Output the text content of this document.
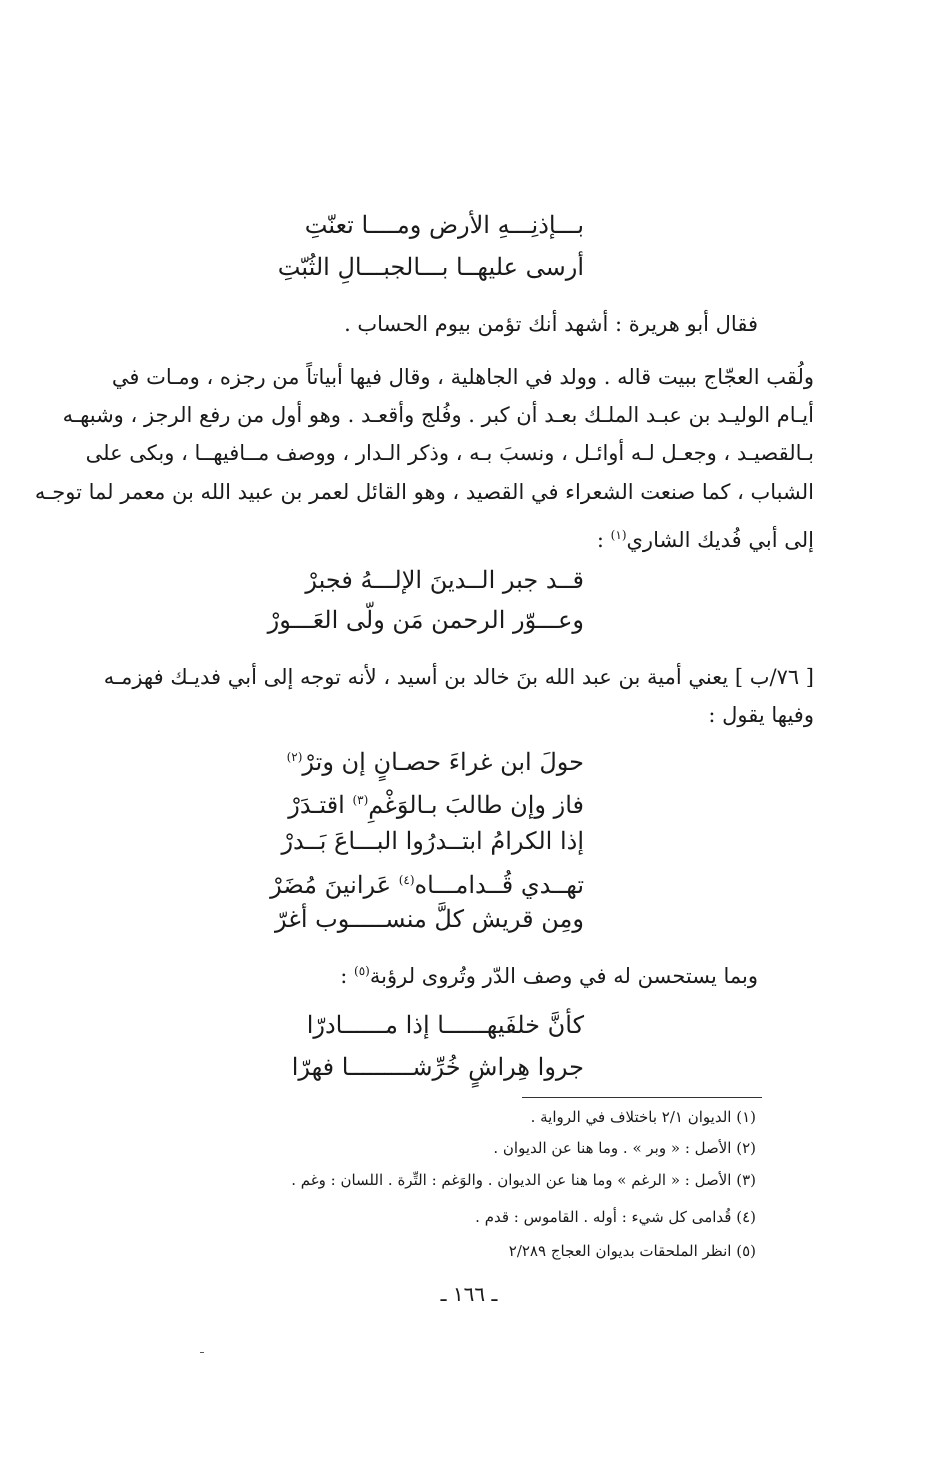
بـــإذنِـــهِ الأرض ومــــا تعنّتِ
أرسى عليهــا بـــالجبـــالِ الثُبّتِ
فقال أبو هريرة : أشهد أنك تؤمن بيوم الحساب .
ولُقب العجّاج ببيت قاله . وولد في الجاهلية ، وقال فيها أبياتاً من رجزه ، ومـات في
أيـام الوليـد بن عبـد الملـك بعـد أن كبر . وفُلج وأقعـد . وهو أول من رفع الرجز ، وشبهـه
بـالقصيـد ، وجعـل لـه أوائـل ، ونسبَ بـه ، وذكر الـدار ، ووصف مــافيهــا ، وبكى على
الشباب ، كما صنعت الشعراء في القصيد ، وهو القائل لعمر بن عبيد الله بن معمر لما توجـه
إلى أبي فُديك الشاري$^{(١)}$ :
قــد جبر الــدينَ الإلـــهُ فجبرْ
وعـــوّر الرحمن مَن ولّى العَـــورْ
[ ٧٦/ب ] يعني أمية بن عبد الله بنَ خالد بن أسيد ، لأنه توجه إلى أبي فديـك فهزمـه
وفيها يقول :
حولَ ابن غراءَ حصـانٍ إن وترْ$^{(٢)}$
فاز وإن طالبَ بـالوَغْمِ$^{(٣)}$ اقتـدَرْ
إذا الكرامُ ابتــدرُوا البـــاعَ بَــدرْ
تهــدي قُــدامـــاه$^{(٤)}$ عَرانينَ مُضَرْ
ومِن قريش كلَّ منســـــوب أغرّ
وبما يستحسن له في وصف الدّر وتُروى لرؤبة$^{(٥)}$ :
كأنَّ خلفَيهــــــا إذا مــــــادرّا
جروا هِراشٍ خُرِّشـــــــــا فهرّا
(١) الديوان ٢/١ باختلاف في الرواية .
(٢) الأصل : « وبر » . وما هنا عن الديوان .
(٣) الأصل : « الرغم » وما هنا عن الديوان . والوَغم : التِّرة . اللسان : وغم .
(٤) قُدامى كل شيء : أوله . القاموس : قدم .
(٥) انظر الملحقات بديوان العجاج ٢/٢٨٩
ـ ١٦٦ ـ
